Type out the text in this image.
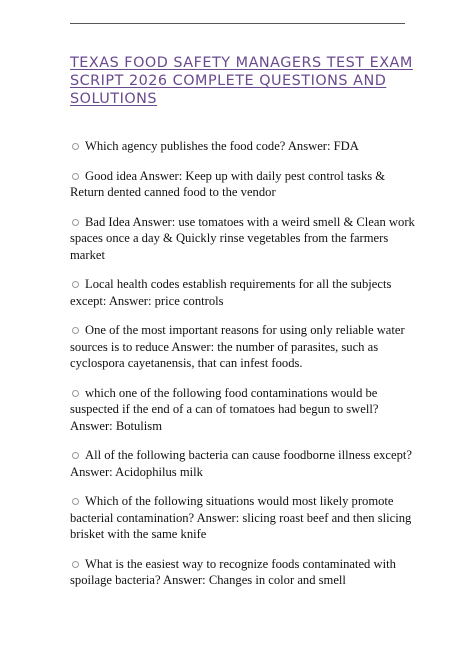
TEXAS FOOD SAFETY MANAGERS TEST EXAM SCRIPT 2026 COMPLETE QUESTIONS AND SOLUTIONS
Which agency publishes the food code? Answer: FDA
Good idea Answer: Keep up with daily pest control tasks & Return dented canned food to the vendor
Bad Idea Answer: use tomatoes with a weird smell & Clean work spaces once a day & Quickly rinse vegetables from the farmers market
Local health codes establish requirements for all the subjects except: Answer: price controls
One of the most important reasons for using only reliable water sources is to reduce Answer: the number of parasites, such as cyclospora cayetanensis, that can infest foods.
which one of the following food contaminations would be suspected if the end of a can of tomatoes had begun to swell? Answer: Botulism
All of the following bacteria can cause foodborne illness except? Answer: Acidophilus milk
Which of the following situations would most likely promote bacterial contamination? Answer: slicing roast beef and then slicing brisket with the same knife
What is the easiest way to recognize foods contaminated with spoilage bacteria? Answer: Changes in color and smell
